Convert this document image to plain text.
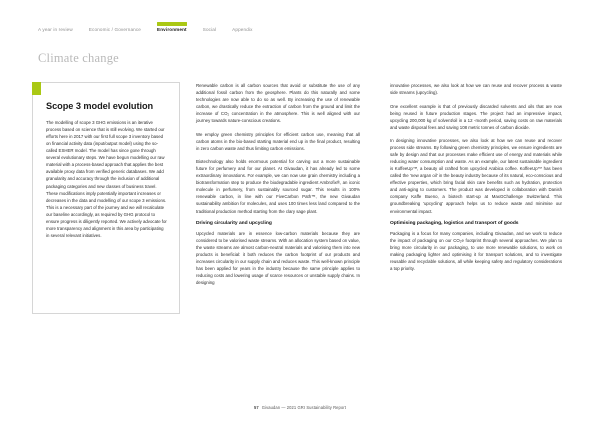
A year in review	Economic / Governance	Environment	Social	Appendix
Climate change
Scope 3 model evolution

The modelling of scope 3 GHG emissions is an iterative process based on science that is still evolving. We started our efforts here in 2017 with our first full scope 3 inventory based on financial activity data (input/output model) using the so-called ESHER model. The model has since gone through several evolutionary steps. We have begun modelling our raw material with a process-based approach that applies the best available proxy data from verified generic databases. We add granularity and accuracy through the inclusion of additional packaging categories and new classes of business travel. These modifications imply potentially important increases or decreases in the data and modelling of our scope 3 emissions. This is a necessary part of the journey and we will recalculate our baseline accordingly, as required by GHG protocol to ensure progress is diligently reported. We actively advocate for more transparency and alignment in this area by participating in several relevant initiatives.

Renewable carbon is all carbon sources that avoid or substitute the use of any additional fossil carbon from the geosphere. Plants do this naturally and some technologies are now able to do so as well. By increasing the use of renewable carbon, we drastically reduce the extraction of carbon from the ground and limit the increase of CO₂ concentration in the atmosphere. This is well aligned with our journey towards nature-conscious creations.

We employ green chemistry principles for efficient carbon use, meaning that all carbon atoms in the bio-based starting material end up in the final product, resulting in zero carbon waste and thus limiting carbon emissions.

Biotechnology also holds enormous potential for carving out a more sustainable future for perfumery and for our planet. At Givaudan, it has already led to some extraordinary innovations. For example, we can now use grain chemistry including a biotransformation step to produce the biodegradable ingredient Ambrofix®, an iconic molecule in perfumery, from sustainably sourced sugar. This results in 100% renewable carbon, in line with our FiveCarbon Path™, the new Givaudan sustainability ambition for molecules, and uses 100 times less land compared to the traditional production method starting from the clary sage plant.

Driving circularity and upcycling

Upcycled materials are in essence low-carbon materials because they are considered to be valorised waste streams. With an allocation system based on value, the waste streams are almost carbon-neutral materials and valorising them into new products is beneficial: it both reduces the carbon footprint of our products and increases circularity in our supply chain and reduces waste. This well-known principle has been applied for years in the industry because the same principle applies to reducing costs and lowering usage of scarce resources or unstable supply chains. In designing

innovative processes, we also look at how we can reuse and recover process & waste side streams (upcycling).

One excellent example is that of previously discarded solvents and oils that are now being reused in future production stages. The project had an impressive impact, upcycling 200,000 kg of solvent/oil in a 12 -month period, saving costs on raw materials and waste disposal fees and saving 108 metric tonnes of carbon dioxide.

In designing innovative processes, we also look at how we can reuse and recover process side streams. By following green chemistry principles, we ensure ingredients are safe by design and that our processes make efficient use of energy and materials while reducing water consumption and waste. As an example, our latest sustainable ingredient is KoffeeUp™, a beauty oil crafted from upcycled Arabica coffee. KoffeeUp™ has been called the 'new argan oil' in the beauty industry because of its natural, eco-conscious and effective properties, which bring facial skin care benefits such as hydration, protection and anti-aging to customers. The product was developed in collaboration with Danish company Kaffe Bueno, a biotech start-up at MaxGChallenge Switzerland. This groundbreaking 'upcycling' approach helps us to reduce waste and minimise our environmental impact.

Optimising packaging, logistics and transport of goods

Packaging is a focus for many companies, including Givaudan, and we work to reduce the impact of packaging on our CO₂e footprint through several approaches. We plan to bring more circularity in our packaging, to use more renewable solutions, to work on making packaging lighter and optimising it for transport solutions, and to investigate reusable and recyclable solutions, all while keeping safety and regulatory considerations a top priority.

57 Givaudan — 2021 GRI Sustainability Report
